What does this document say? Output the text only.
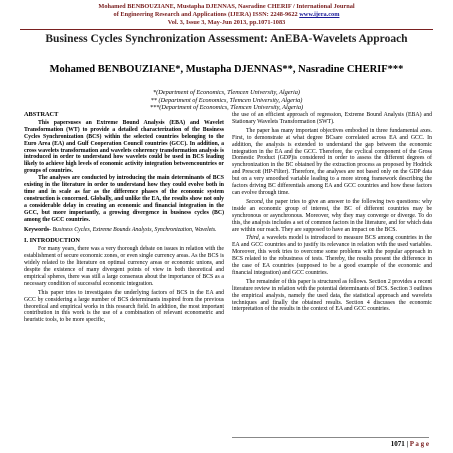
Mohamed BENBOUZIANE, Mustapha DJENNAS, Nasradine CHERIF / International Journal
of Engineering Research and Applications (IJERA) ISSN: 2248-9622 www.ijera.com
Vol. 3, Issue 3, May-Jun 2013, pp.1071-1083
Business Cycles Synchronization Assessment: AnEBA-Wavelets Approach
Mohamed BENBOUZIANE*, Mustapha DJENNAS**, Nasradine CHERIF***
*(Department of Economics, Tlemcen University, Algeria)
** (Department of Economics, Tlemcen University, Algeria)
***(Department of Economics, Tlemcen University, Algeria)
ABSTRACT

This papersuses an Extreme Bound Analysis (EBA) and Wavelet Transformation (WT) to provide a detailed characterization of the Business Cycles Synchronization (BCS) within the selected countries belonging to the Euro Area (EA) and Gulf Cooperation Council countries (GCC). In addition, a cross wavelets transformation and wavelets coherency transformation analysis is introduced in order to understand how wavelets could be used in BCS leading likely to achieve high levels of economic activity integration betweencountries or groups of countries.

The analyses are conducted by introducing the main determinants of BCS existing in the literature in order to understand how they could evolve both in time and in scale as far as the difference phases of the economic system construction is concerned. Globally, and unlike the EA, the results show not only a considerable delay in creating an economic and financial integration in the GCC, but more importantly, a growing divergence in business cycles (BC) among the GCC countries.

Keywords- Business Cycles, Extreme Bounds Analysis, Synchronization, Wavelets.

I. INTRODUCTION

For many years, there was a very thorough debate on issues in relation with the establishment of secure economic zones, or even single currency areas. As the BCS is widely related to the literature on optimal currency areas or economic unions, and despite the existence of many divergent points of view in both theoretical and empirical spheres, there was still a large consensus about the importance of BCS as a necessary condition of successful economic integration.

This paper tries to investigates the underlying factors of BCS in the EA and GCC by considering a large number of BCS determinants inspired from the previous theoretical and empirical works in this research field. In addition, the most important contribution in this work is the use of a combination of relevant econometric and heuristic tools, to be more specific,

the use of an efficient approach of regression, Extreme Bound Analysis (EBA) and Stationary Wavelets Transformation (SWT).

The paper has many important objectives embodied in three fundamental axes. First, to demonstrate at what degree BCsare correlated across EA and GCC. In addition, the analysis is extended to understand the gap between the economic integration in the EA and the GCC. Therefore, the cyclical component of the Gross Domestic Product (GDP)is considered in order to assess the different degrees of synchronization in the BC obtained by the extraction process as proposed by Hodrick and Prescott (HP-Filter). Therefore, the analyses are not based only on the GDP data but on a very smoothed variable leading to a more strong framework describing the factors driving BC differentials among EA and GCC countries and how these factors can evolve through time.

Second, the paper tries to give an answer to the following two questions: why inside an economic group of interest, the BC of different countries may be synchronous or asynchronous. Moreover, why they may converge or diverge. To do this, the analysis includes a set of common factors in the literature, and for which data are within our reach. They are supposed to have an impact on the BCS.

Third, a wavelets model is introduced to measure BCS among countries in the EA and GCC countries and to justify its relevance in relation with the used variables. Moreover, this work tries to overcome some problems with the popular approach in BCS related to the robustness of tests. Thereby, the results present the difference in the case of EA countries (supposed to be a good example of the economic and financial integration) and GCC countries.

The remainder of this paper is structured as follows. Section 2 provides a recent literature review in relation with the potential determinants of BCS. Section 3 outlines the empirical analysis, namely the used data, the statistical approach and wavelets techniques and finally the obtained results. Section 4 discusses the economic interpretation of the results in the context of EA and GCC countries.

1071 | P a g e
